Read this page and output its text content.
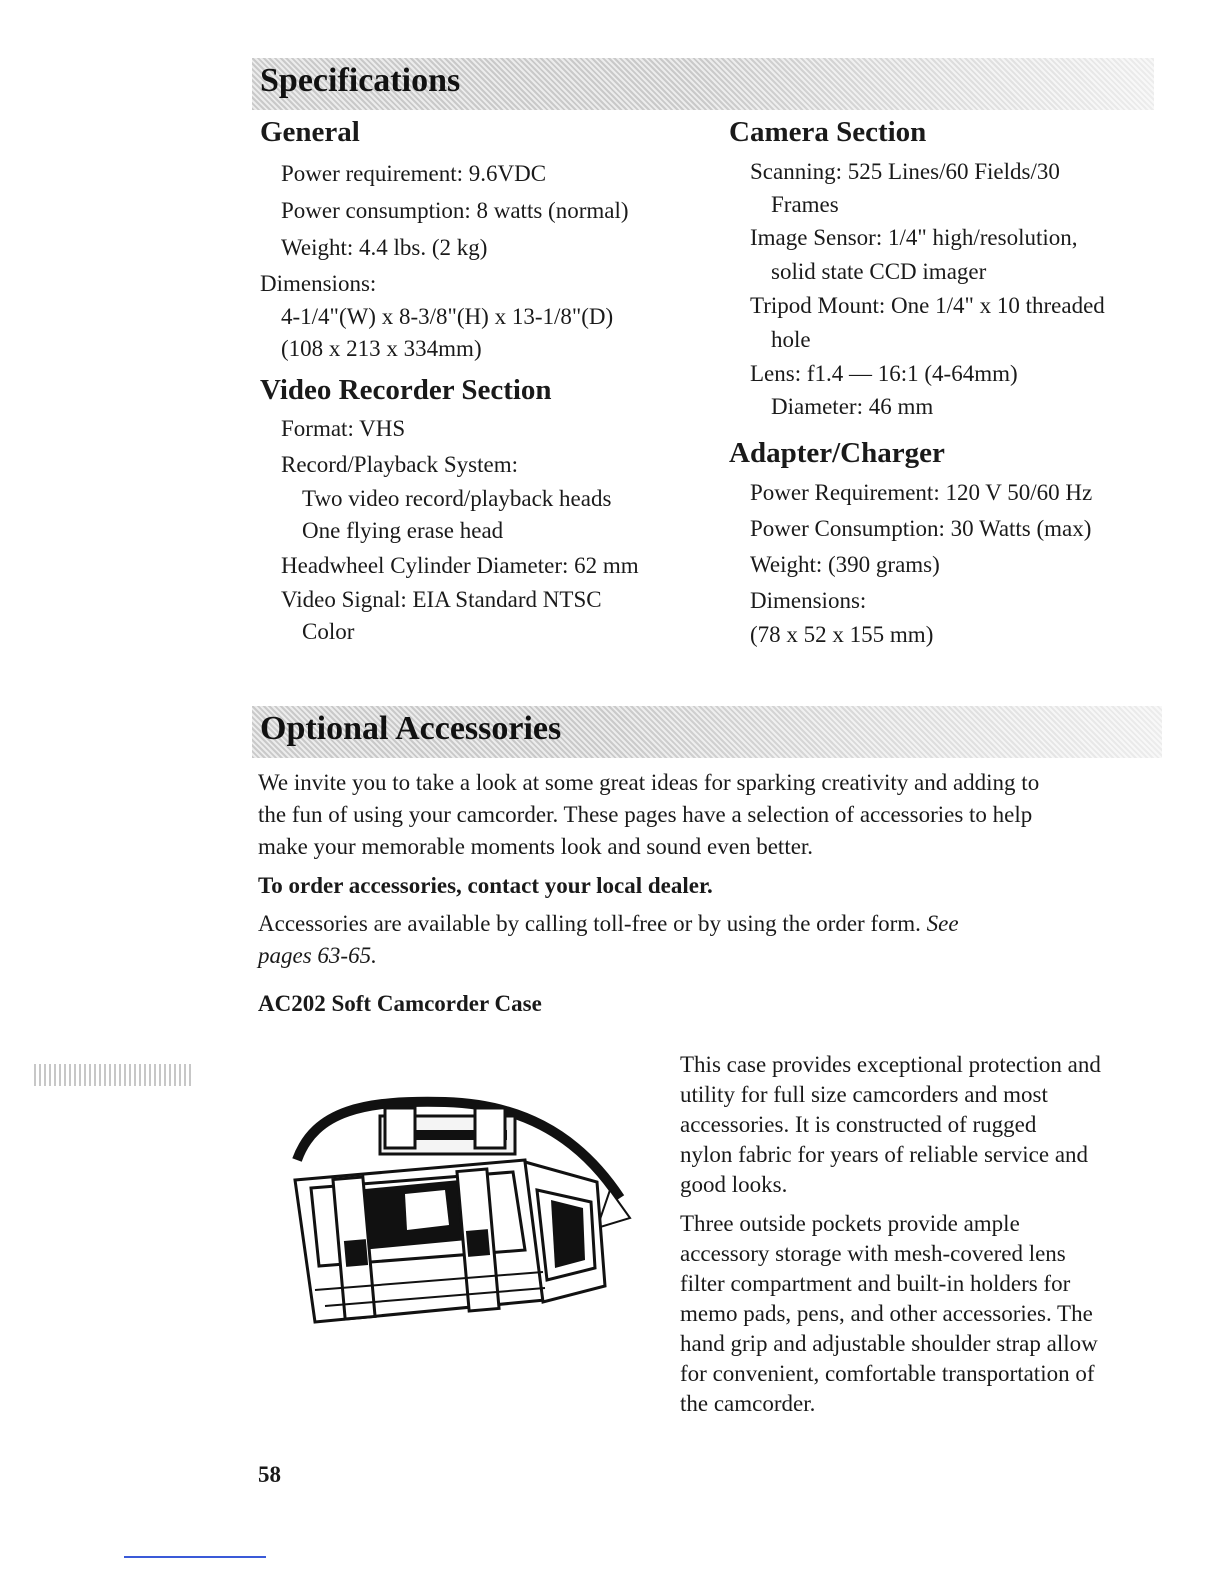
Specifications

General

Power requirement: 9.6VDC

Power consumption: 8 watts (normal)

Weight: 4.4 lbs. (2 kg)

Dimensions:

4-1/4"(W) x 8-3/8"(H) x 13-1/8"(D)

(108 x 213 x 334mm)

Video Recorder Section

Format: VHS

Record/Playback System:

Two video record/playback heads

One flying erase head

Headwheel Cylinder Diameter: 62 mm

Video Signal: EIA Standard NTSC

Color

Camera Section

Scanning: 525 Lines/60 Fields/30

Frames

Image Sensor: 1/4" high/resolution,

solid state CCD imager

Tripod Mount: One 1/4" x 10 threaded

hole

Lens: f1.4 — 16:1 (4-64mm)

Diameter: 46 mm

Adapter/Charger

Power Requirement: 120 V 50/60 Hz

Power Consumption: 30 Watts (max)

Weight: (390 grams)

Dimensions:

(78 x 52 x 155 mm)

Optional Accessories

We invite you to take a look at some great ideas for sparking creativity and adding to

the fun of using your camcorder. These pages have a selection of accessories to help

make your memorable moments look and sound even better.

To order accessories, contact your local dealer.

Accessories are available by calling toll-free or by using the order form. See

pages 63-65.

AC202 Soft Camcorder Case

This case provides exceptional protection and

utility for full size camcorders and most

accessories. It is constructed of rugged

nylon fabric for years of reliable service and

good looks.

Three outside pockets provide ample

accessory storage with mesh-covered lens

filter compartment and built-in holders for

memo pads, pens, and other accessories. The

hand grip and adjustable shoulder strap allow

for convenient, comfortable transportation of

the camcorder.

58
